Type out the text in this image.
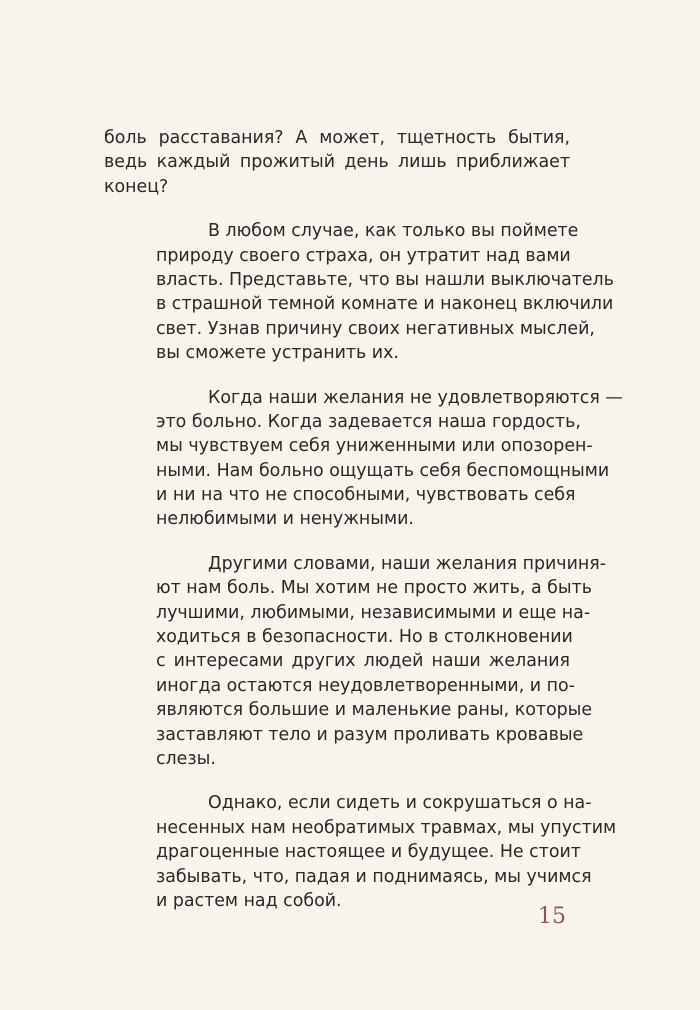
боль расставания? А может, тщетность бытия,
ведь каждый прожитый день лишь приближает
конец?
В любом случае, как только вы поймете
природу своего страха, он утратит над вами
власть. Представьте, что вы нашли выключатель
в страшной темной комнате и наконец включили
свет. Узнав причину своих негативных мыслей,
вы сможете устранить их.
Когда наши желания не удовлетворяются —
это больно. Когда задевается наша гордость,
мы чувствуем себя униженными или опозорен-
ными. Нам больно ощущать себя беспомощными
и ни на что не способными, чувствовать себя
нелюбимыми и ненужными.
Другими словами, наши желания причиня-
ют нам боль. Мы хотим не просто жить, а быть
лучшими, любимыми, независимыми и еще на-
ходиться в безопасности. Но в столкновении
с интересами других людей наши желания
иногда остаются неудовлетворенными, и по-
являются большие и маленькие раны, которые
заставляют тело и разум проливать кровавые
слезы.
Однако, если сидеть и сокрушаться о на-
несенных нам необратимых травмах, мы упустим
драгоценные настоящее и будущее. Не стоит
забывать, что, падая и поднимаясь, мы учимся
и растем над собой.
15
